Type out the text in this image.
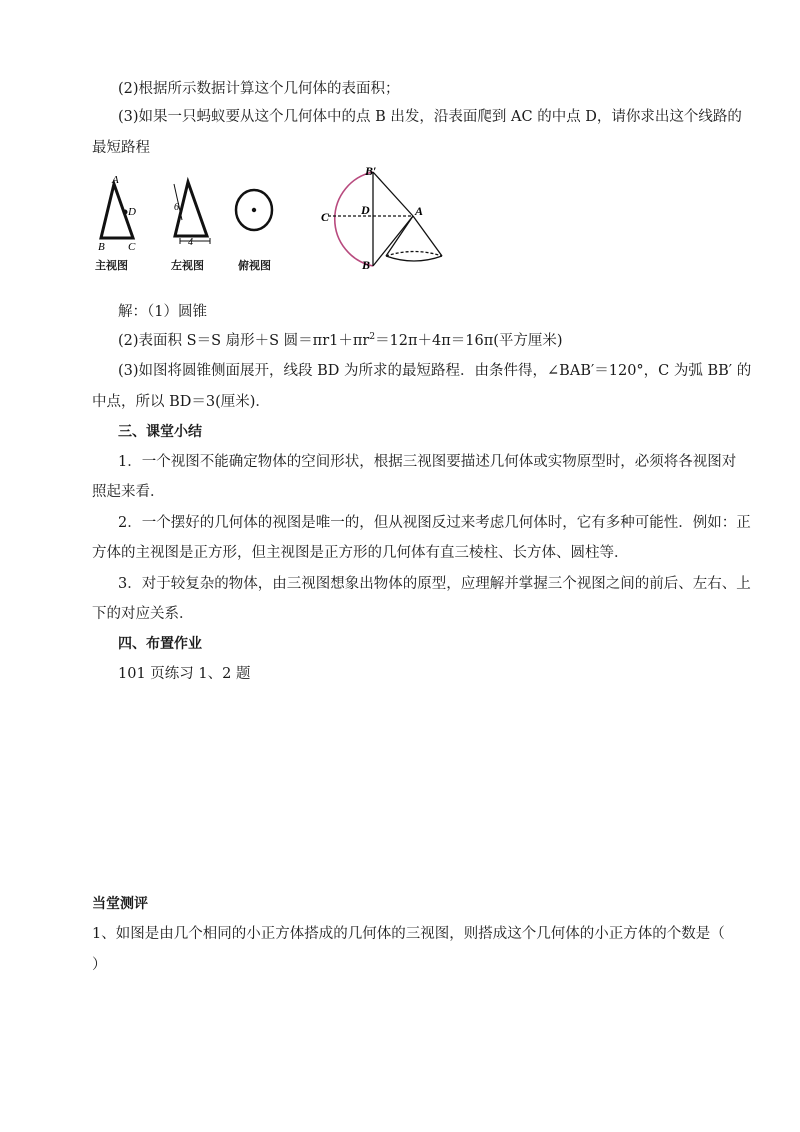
(2)根据所示数据计算这个几何体的表面积；
(3)如果一只蚂蚁要从这个几何体中的点 B 出发，沿表面爬到 AC 的中点 D，请你求出这个线路的
最短路程
A
D
B C
6
4
主视图	左视图	俯视图
B′
C	D	A
B
解：（1）圆锥
(2)表面积 S＝S 扇形＋S 圆$=\pi r1+\pi r^2=12\pi+4\pi=16\pi$(平方厘米)
(3)如图将圆锥侧面展开，线段 BD 为所求的最短路程．由条件得，∠BAB′＝120°，C 为弧 BB′ 的
中点，所以 BD＝3(厘米)．
三、课堂小结
1．一个视图不能确定物体的空间形状，根据三视图要描述几何体或实物原型时，必须将各视图对
照起来看．
2．一个摆好的几何体的视图是唯一的，但从视图反过来考虑几何体时，它有多种可能性．例如：正
方体的主视图是正方形，但主视图是正方形的几何体有直三棱柱、长方体、圆柱等．
3．对于较复杂的物体，由三视图想象出物体的原型，应理解并掌握三个视图之间的前后、左右、上
下的对应关系．
四、布置作业
101 页练习 1、2 题
当堂测评
1、如图是由几个相同的小正方体搭成的几何体的三视图，则搭成这个几何体的小正方体的个数是（
）
